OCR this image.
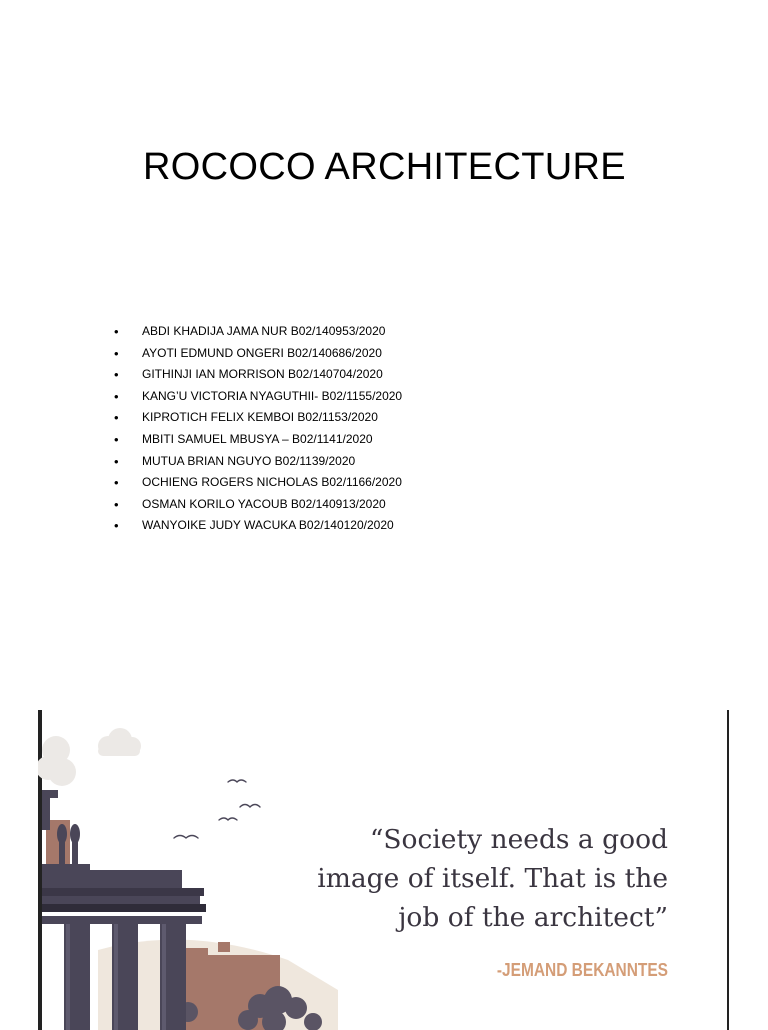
ROCOCO ARCHITECTURE
• ABDI KHADIJA JAMA NUR B02/140953/2020
• AYOTI EDMUND ONGERI B02/140686/2020
• GITHINJI IAN MORRISON B02/140704/2020
• KANG’U VICTORIA NYAGUTHII- B02/1155/2020
• KIPROTICH FELIX KEMBOI B02/1153/2020
• MBITI SAMUEL MBUSYA – B02/1141/2020
• MUTUA BRIAN NGUYO B02/1139/2020
• OCHIENG ROGERS NICHOLAS B02/1166/2020
• OSMAN KORILO YACOUB B02/140913/2020
• WANYOIKE JUDY WACUKA B02/140120/2020

“Society needs a good
image of itself. That is the
job of the architect”

-JEMAND BEKANNTES
